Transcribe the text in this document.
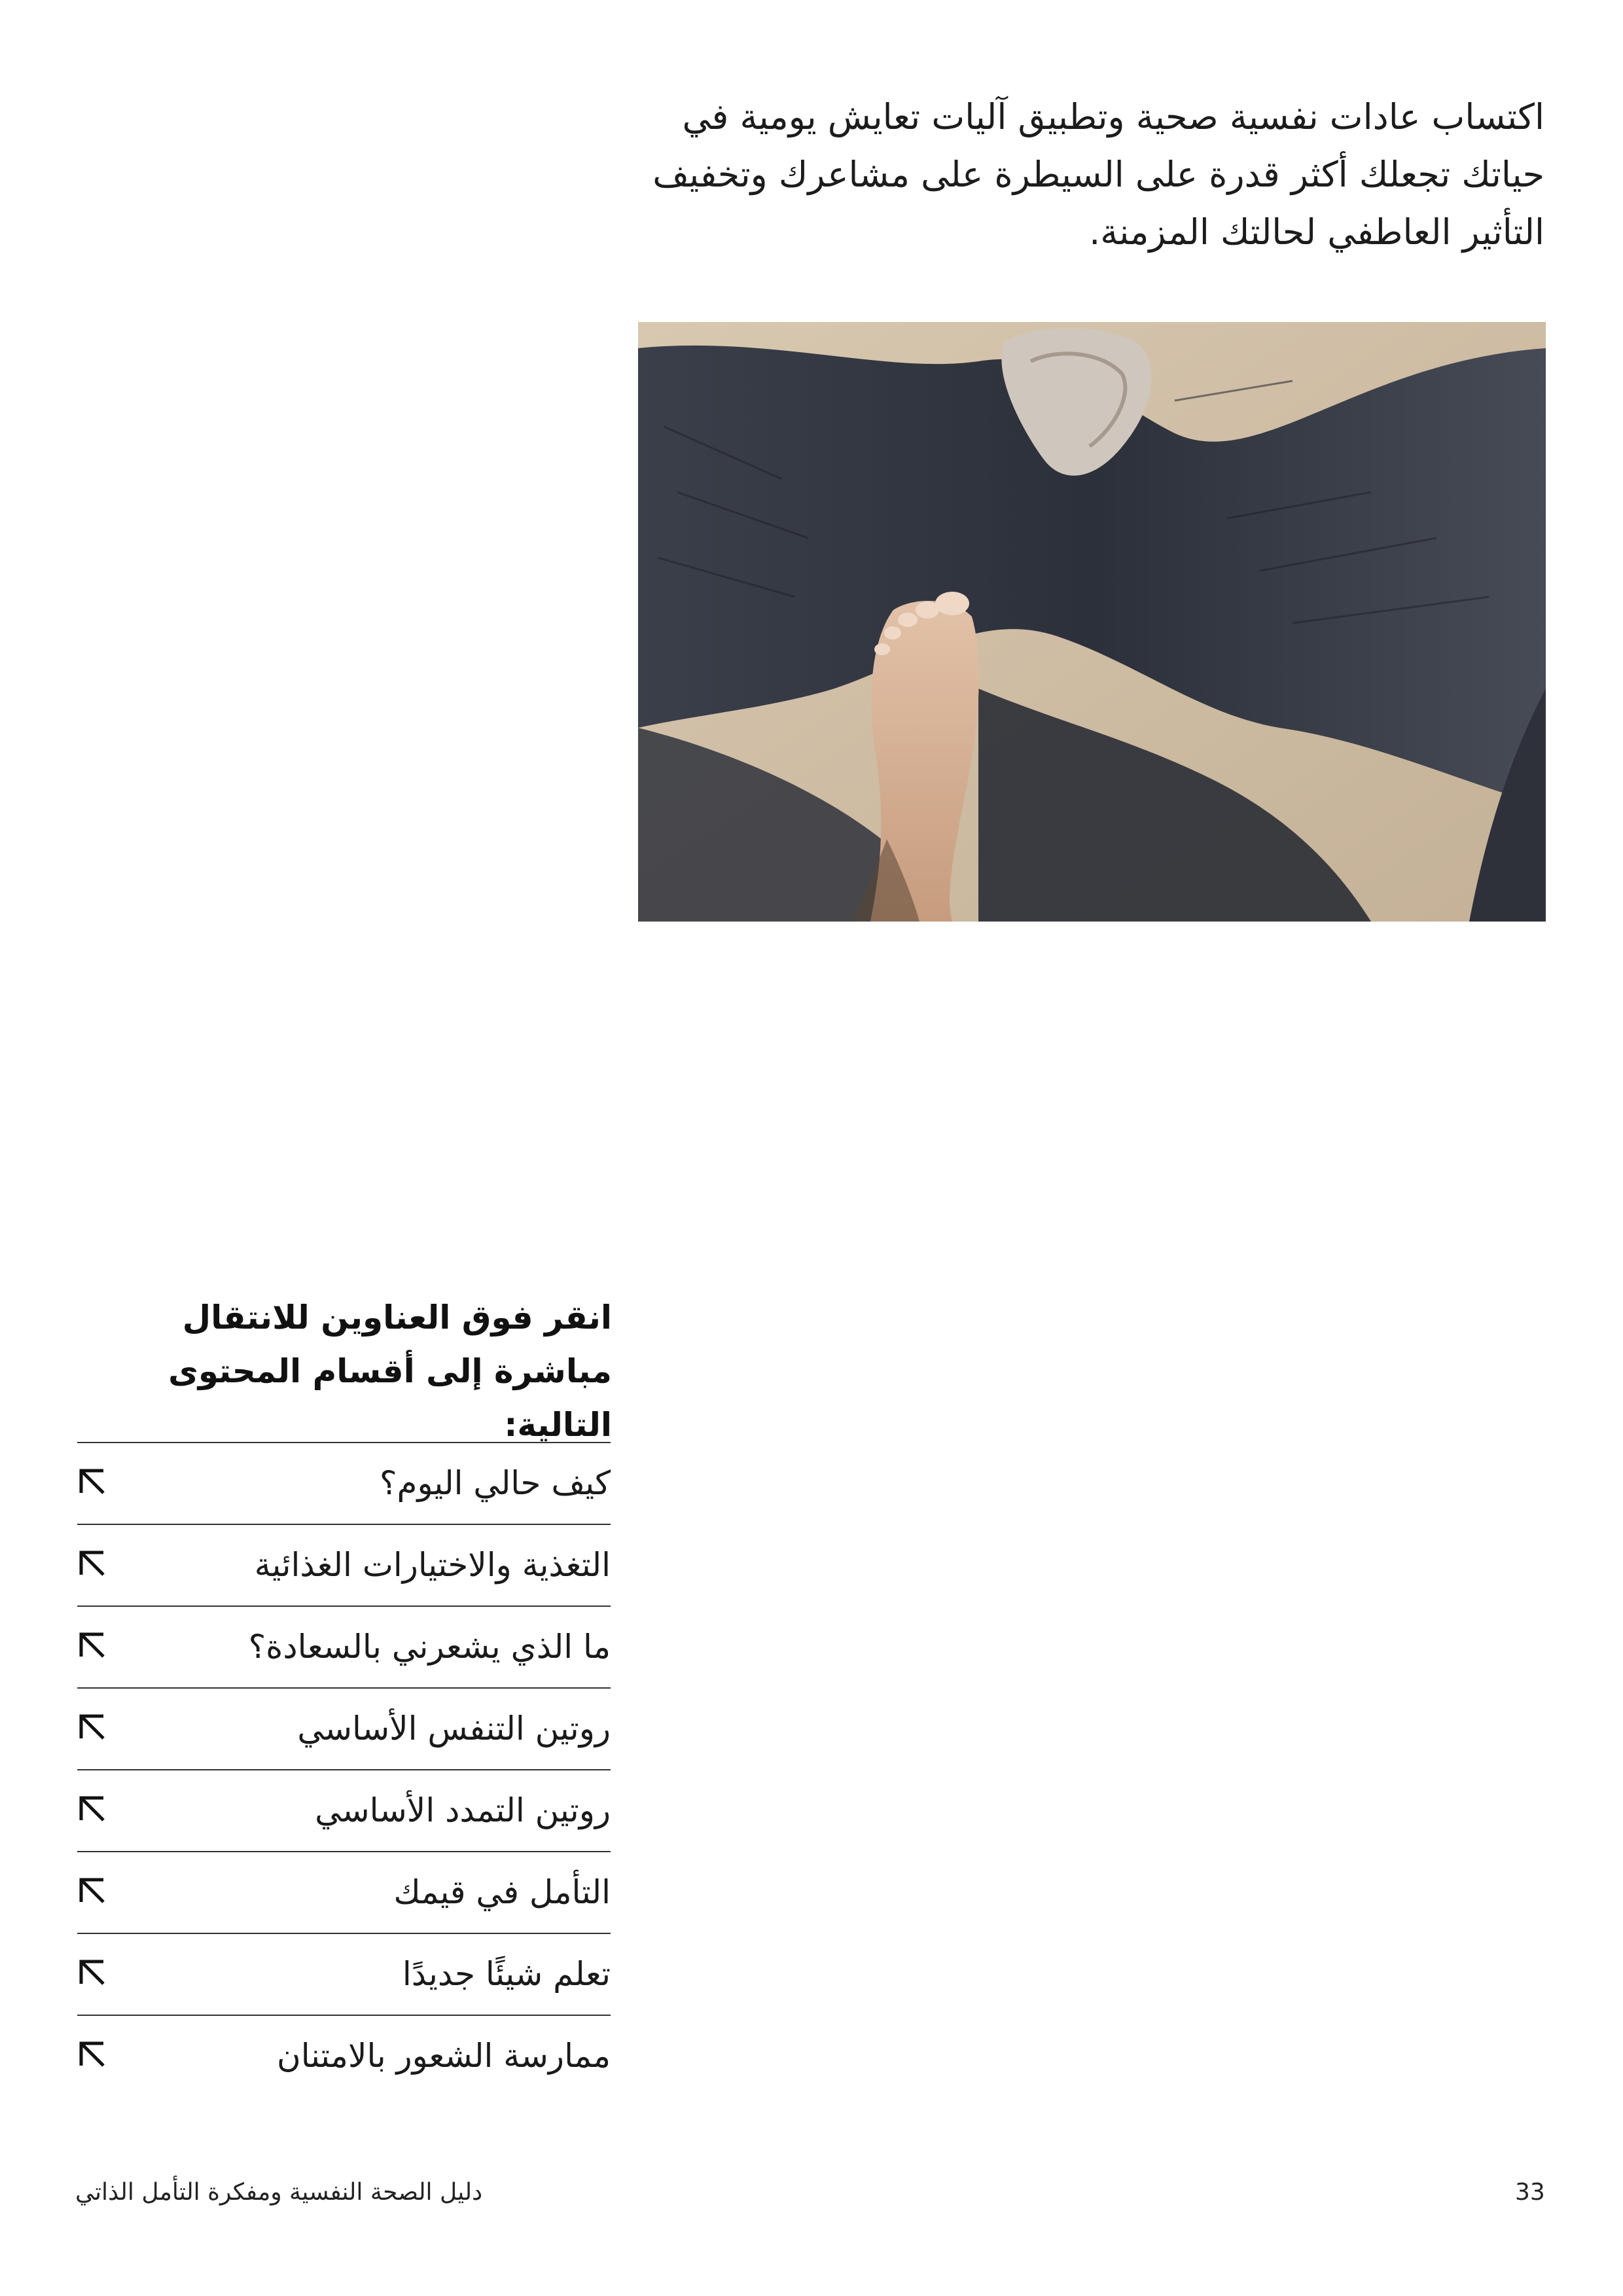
اكتساب عادات نفسية صحية وتطبيق آليات تعايش يومية في حياتك تجعلك أكثر قدرة على السيطرة على مشاعرك وتخفيف التأثير العاطفي لحالتك المزمنة.

انقر فوق العناوين للانتقال مباشرة إلى أقسام المحتوى التالية:
كيف حالي اليوم؟
التغذية والاختيارات الغذائية
ما الذي يشعرني بالسعادة؟
روتين التنفس الأساسي
روتين التمدد الأساسي
التأمل في قيمك
تعلم شيئًا جديدًا
ممارسة الشعور بالامتنان
دليل الصحة النفسية ومفكرة التأمل الذاتي	33
